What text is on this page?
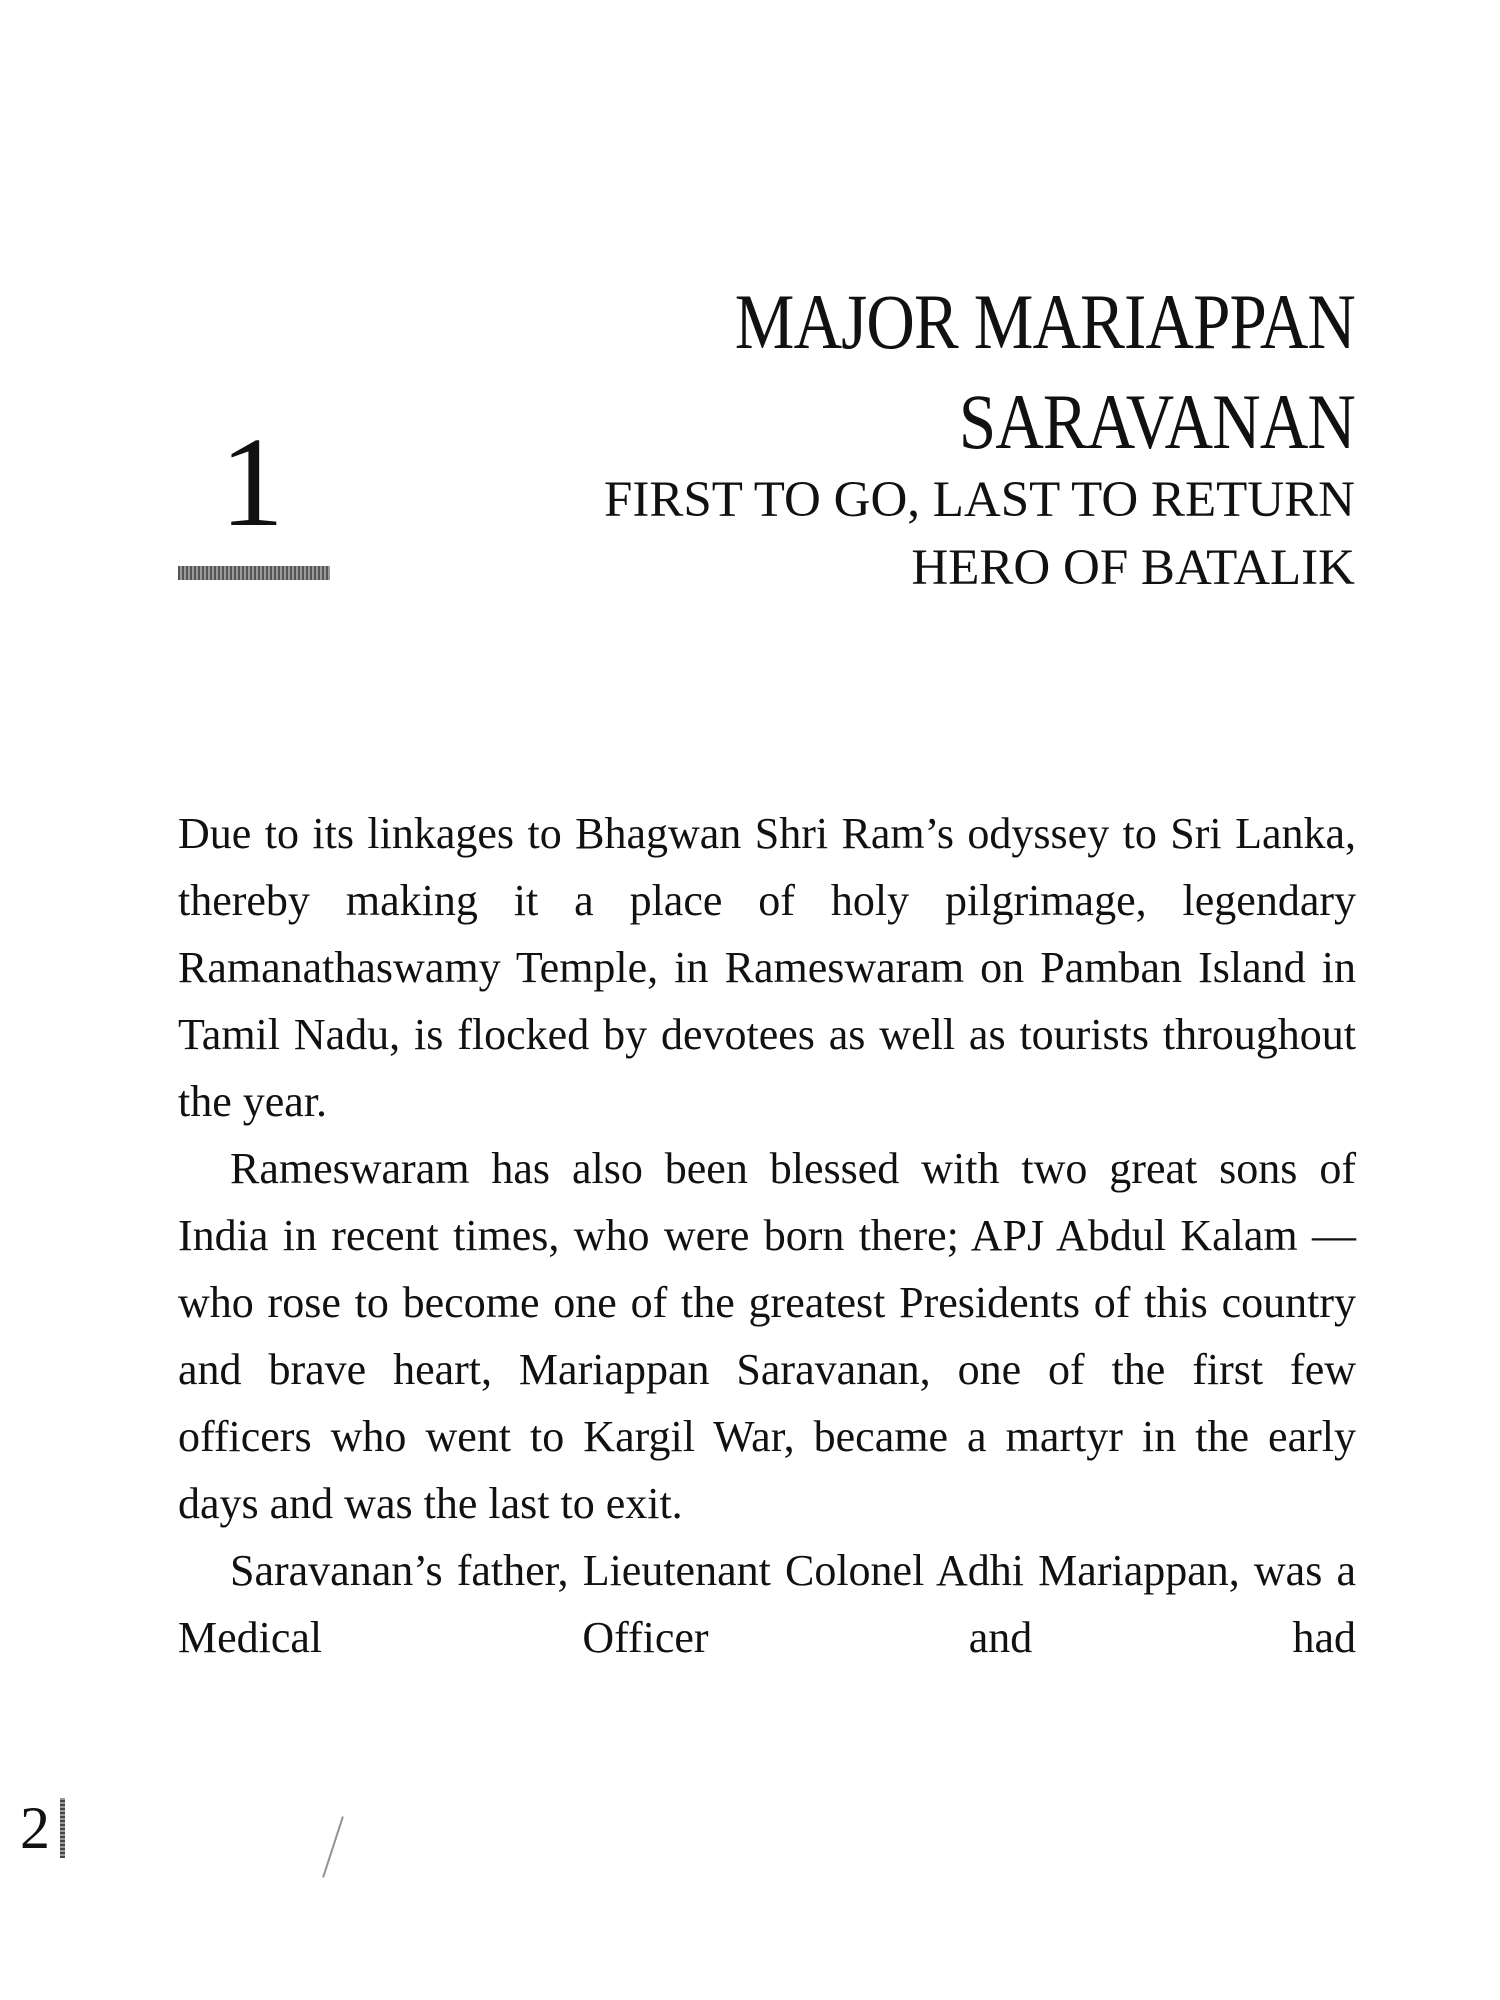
1
MAJOR MARIAPPAN
SARAVANAN
FIRST TO GO, LAST TO RETURN
HERO OF BATALIK

Due to its linkages to Bhagwan Shri Ram’s odyssey to Sri Lanka, thereby making it a place of holy pilgrimage, legendary Ramanathaswamy Temple, in Rameswaram on Pamban Island in Tamil Nadu, is flocked by devotees as well as tourists throughout the year.

Rameswaram has also been blessed with two great sons of India in recent times, who were born there; APJ Abdul Kalam — who rose to become one of the greatest Presidents of this country and brave heart, Mariappan Saravanan, one of the first few officers who went to Kargil War, became a martyr in the early days and was the last to exit.

Saravanan’s father, Lieutenant Colonel Adhi Mariappan, was a Medical Officer and had

2
